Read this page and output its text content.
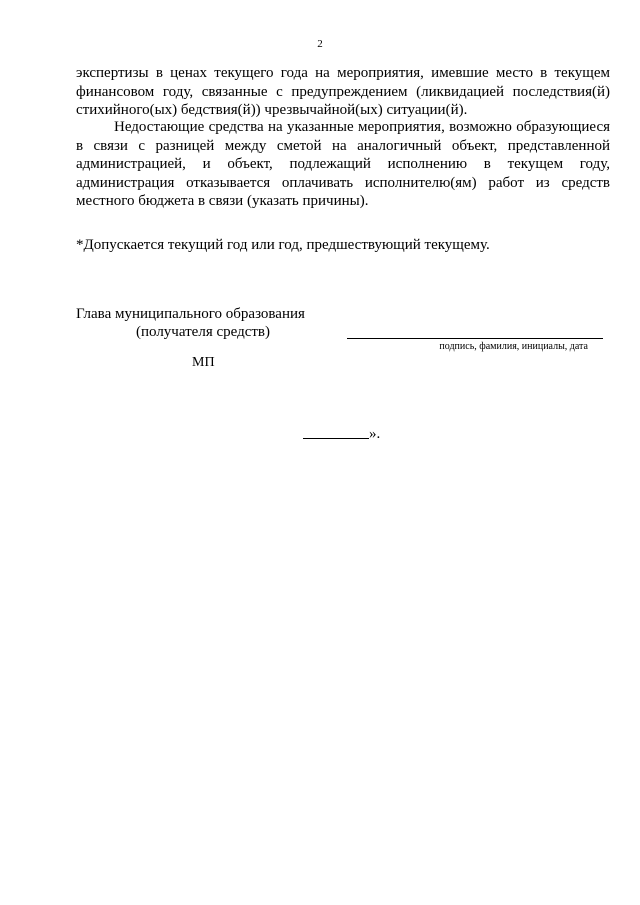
2

экспертизы в ценах текущего года на мероприятия, имевшие место в текущем финансовом году, связанные с предупреждением (ликвидацией последствия(й) стихийного(ых) бедствия(й)) чрезвычайной(ых) ситуации(й).

Недостающие средства на указанные мероприятия, возможно образующиеся в связи с разницей между сметой на аналогичный объект, представленной администрацией, и объект, подлежащий исполнению в текущем году, администрация отказывается оплачивать исполнителю(ям) работ из средств местного бюджета в связи (указать причины).

*Допускается текущий год или год, предшествующий текущему.

Глава муниципального образования
(получателя средств)
подпись, фамилия, инициалы, дата
МП
».
